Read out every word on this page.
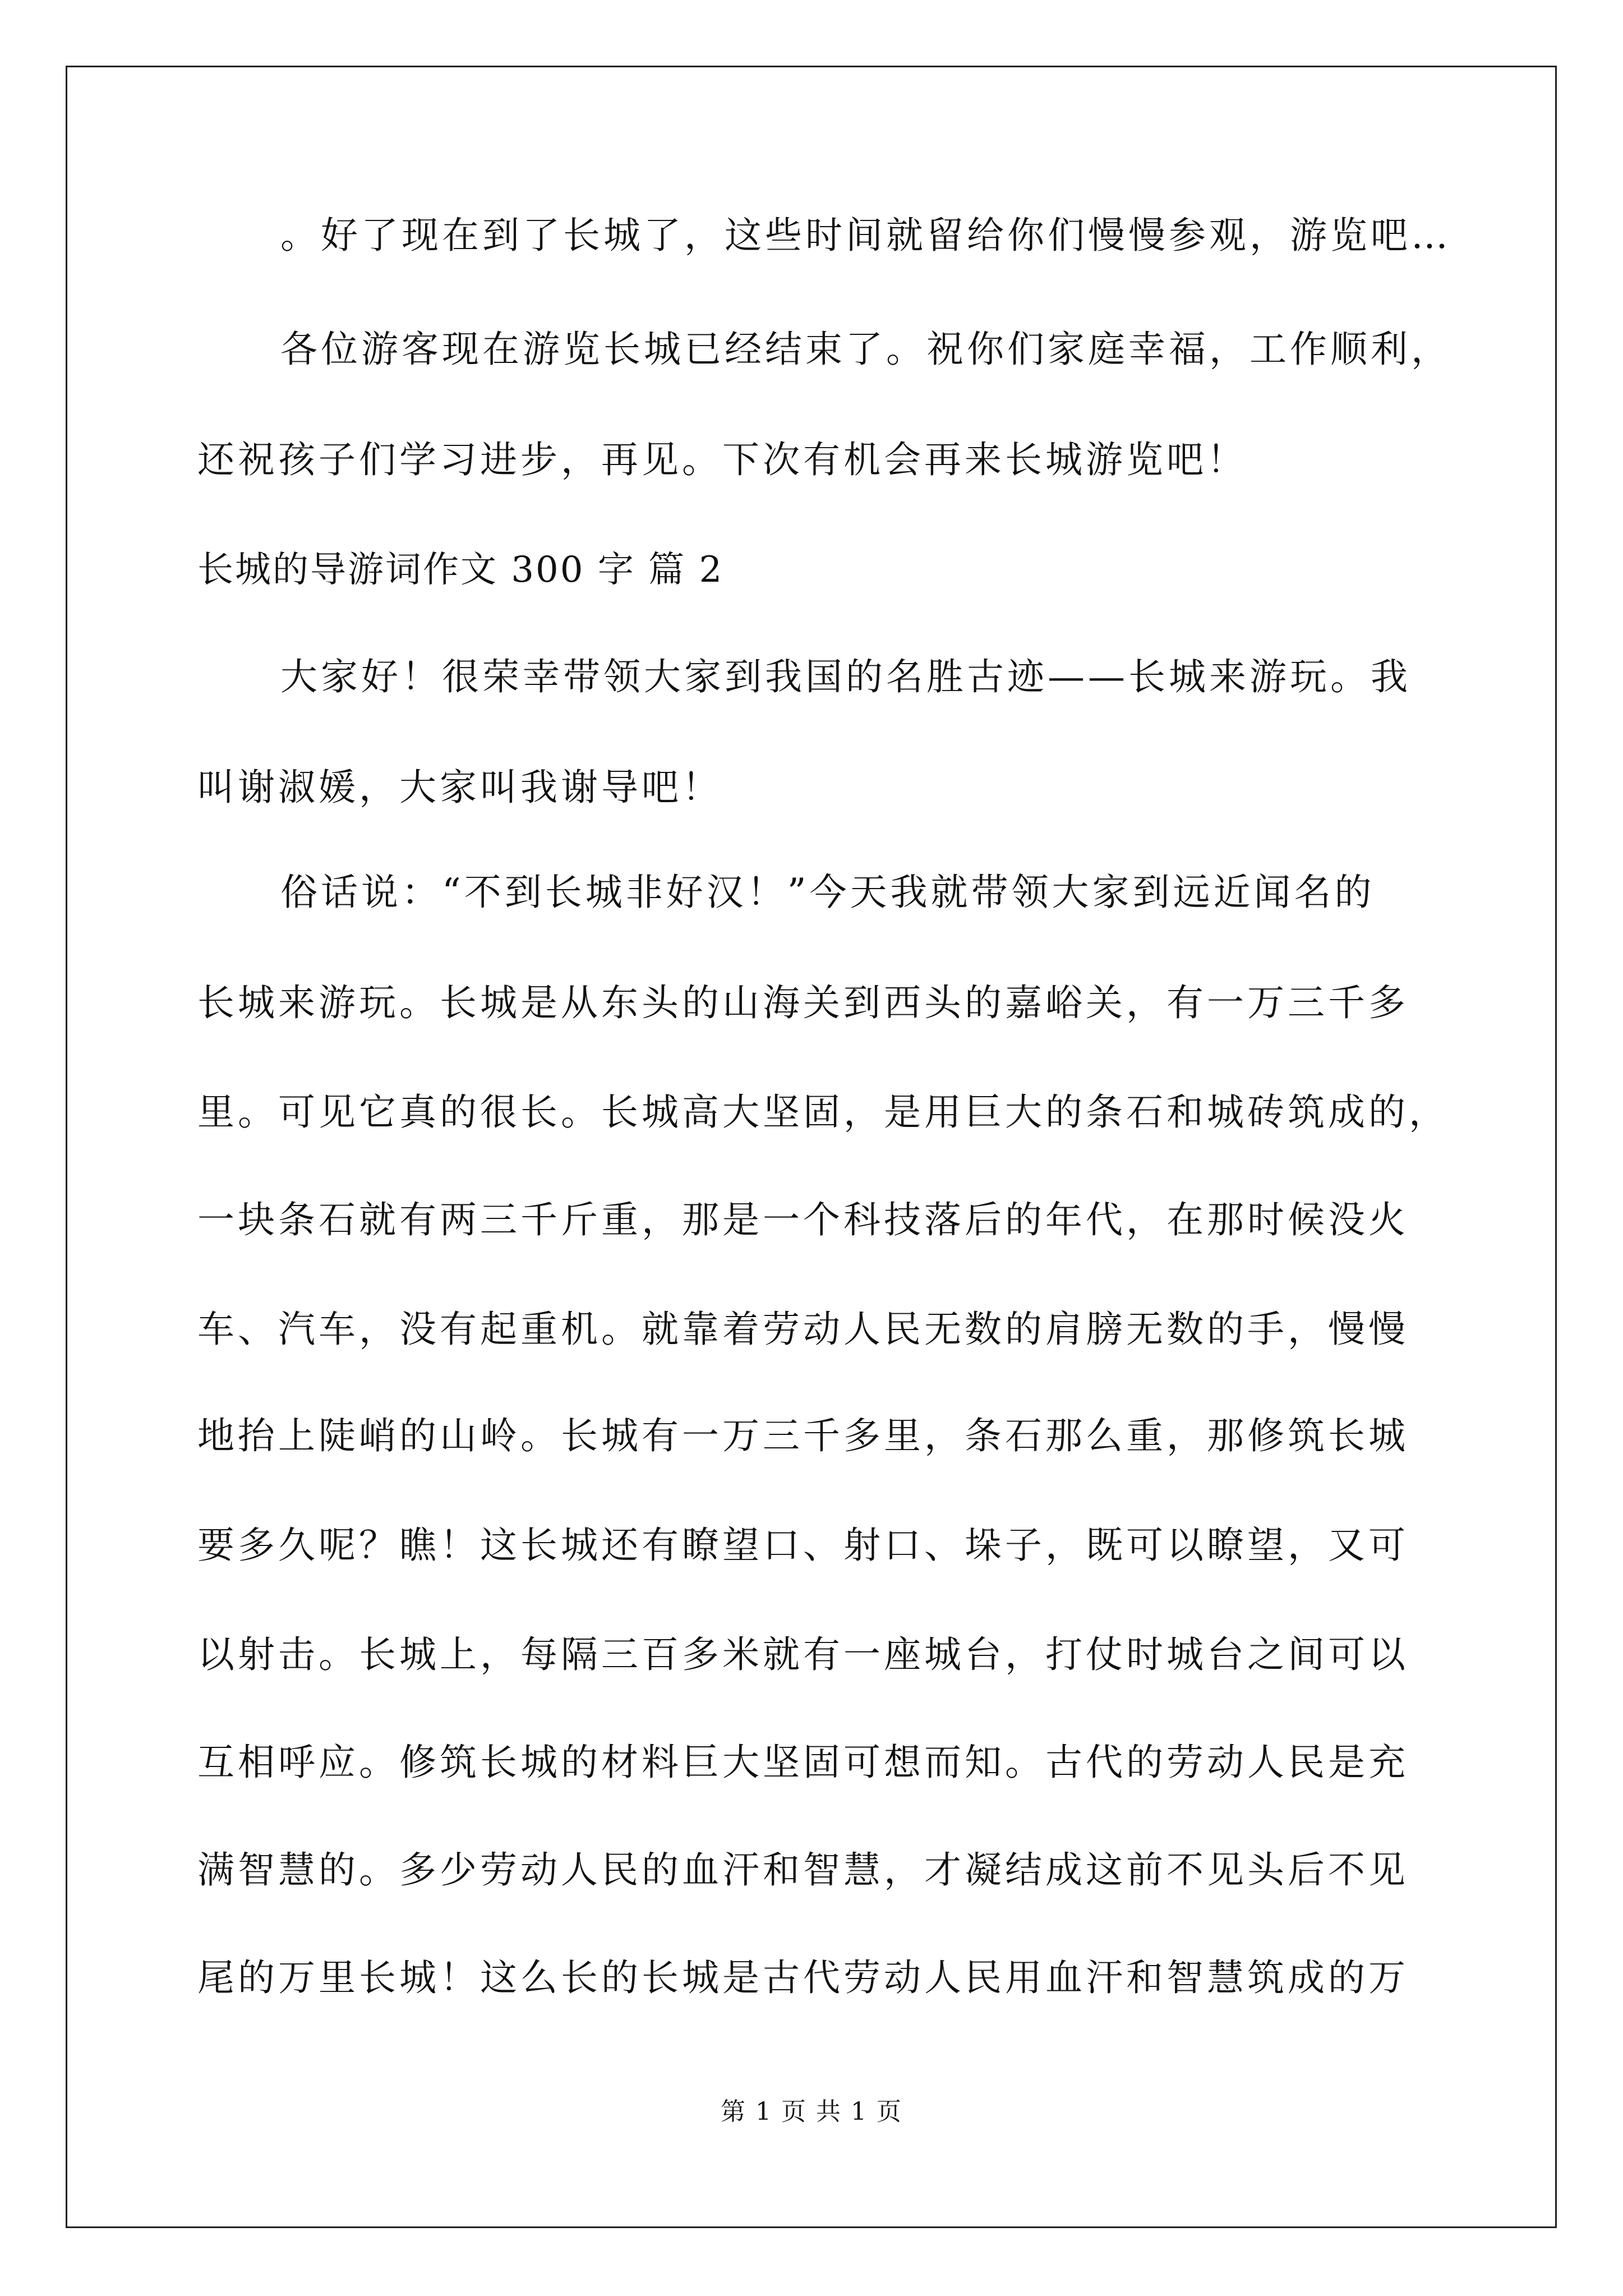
。好了现在到了长城了，这些时间就留给你们慢慢参观，游览吧…
各位游客现在游览长城已经结束了。祝你们家庭幸福，工作顺利，
还祝孩子们学习进步，再见。下次有机会再来长城游览吧！
长城的导游词作文 300 字 篇 2
大家好！很荣幸带领大家到我国的名胜古迹——长城来游玩。我
叫谢淑媛，大家叫我谢导吧！
俗话说：“不到长城非好汉！”今天我就带领大家到远近闻名的
长城来游玩。长城是从东头的山海关到西头的嘉峪关，有一万三千多
里。可见它真的很长。长城高大坚固，是用巨大的条石和城砖筑成的，
一块条石就有两三千斤重，那是一个科技落后的年代，在那时候没火
车、汽车，没有起重机。就靠着劳动人民无数的肩膀无数的手，慢慢
地抬上陡峭的山岭。长城有一万三千多里，条石那么重，那修筑长城
要多久呢？瞧！这长城还有瞭望口、射口、垛子，既可以瞭望，又可
以射击。长城上，每隔三百多米就有一座城台，打仗时城台之间可以
互相呼应。修筑长城的材料巨大坚固可想而知。古代的劳动人民是充
满智慧的。多少劳动人民的血汗和智慧，才凝结成这前不见头后不见
尾的万里长城！这么长的长城是古代劳动人民用血汗和智慧筑成的万
第 1 页 共 1 页
